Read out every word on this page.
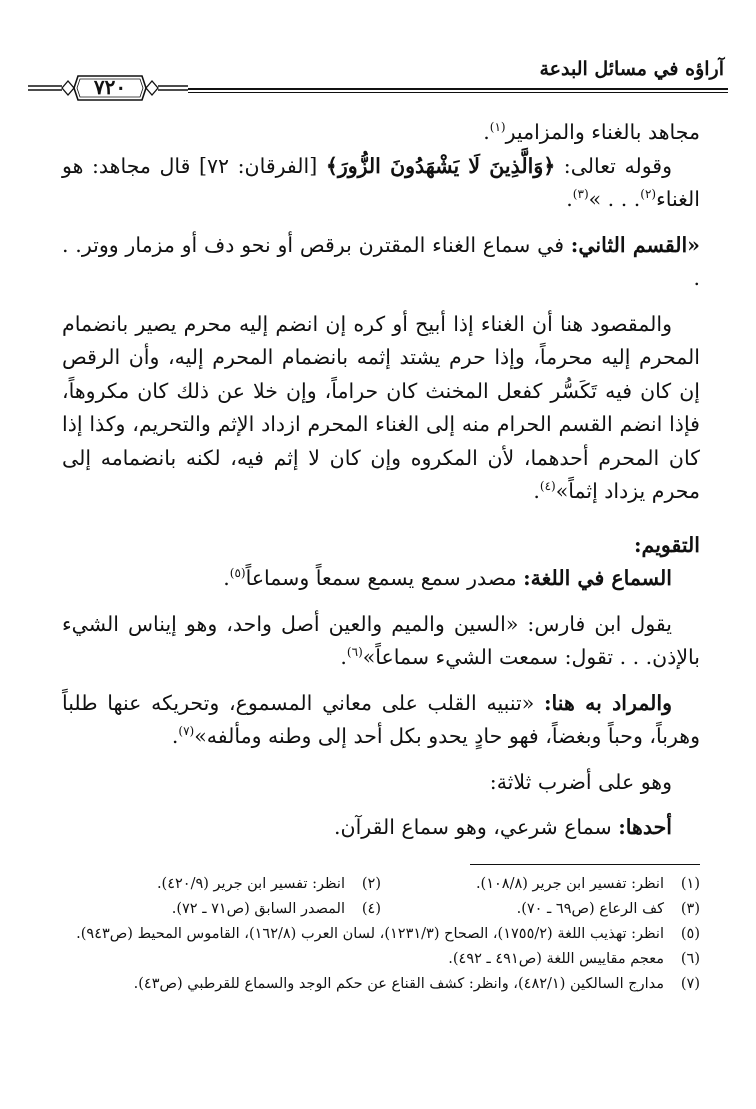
آراؤه في مسائل البدعة
٧٢٠

مجاهد بالغناء والمزامير$^{(١)}$.

وقوله تعالى: ﴿وَالَّذِينَ لَا يَشْهَدُونَ الزُّورَ﴾ [الفرقان: ٧٢] قال مجاهد: هو الغناء$^{(٢)}$. . . »$^{(٣)}$.

«القسم الثاني: في سماع الغناء المقترن برقص أو نحو دف أو مزمار ووتر. . .

والمقصود هنا أن الغناء إذا أبيح أو كره إن انضم إليه محرم يصير بانضمام المحرم إليه محرماً، وإذا حرم يشتد إثمه بانضمام المحرم إليه، وأن الرقص إن كان فيه تَكَسُّر كفعل المخنث كان حراماً، وإن خلا عن ذلك كان مكروهاً، فإذا انضم القسم الحرام منه إلى الغناء المحرم ازداد الإثم والتحريم، وكذا إذا كان المحرم أحدهما، لأن المكروه وإن كان لا إثم فيه، لكنه بانضمامه إلى محرم يزداد إثماً»$^{(٤)}$.

التقويم:

السماع في اللغة: مصدر سمع يسمع سمعاً وسماعاً$^{(٥)}$.

يقول ابن فارس: «السين والميم والعين أصل واحد، وهو إيناس الشيء بالإذن. . . تقول: سمعت الشيء سماعاً»$^{(٦)}$.

والمراد به هنا: «تنبيه القلب على معاني المسموع، وتحريكه عنها طلباً وهرباً، وحباً وبغضاً، فهو حادٍ يحدو بكل أحد إلى وطنه ومألفه»$^{(٧)}$.

وهو على أضرب ثلاثة:

أحدها: سماع شرعي، وهو سماع القرآن.

(١)
انظر: تفسير ابن جرير (١٠٨/٨).
(٢)
انظر: تفسير ابن جرير (٤٢٠/٩).
(٣)
كف الرعاع (ص٦٩ ـ ٧٠).
(٤)
المصدر السابق (ص٧١ ـ ٧٢).
(٥)
انظر: تهذيب اللغة (١٧٥٥/٢)، الصحاح (١٢٣١/٣)، لسان العرب (١٦٢/٨)، القاموس المحيط (ص٩٤٣).
(٦)
معجم مقاييس اللغة (ص٤٩١ ـ ٤٩٢).
(٧)
مدارج السالكين (٤٨٢/١)، وانظر: كشف القناع عن حكم الوجد والسماع للقرطبي (ص٤٣).
